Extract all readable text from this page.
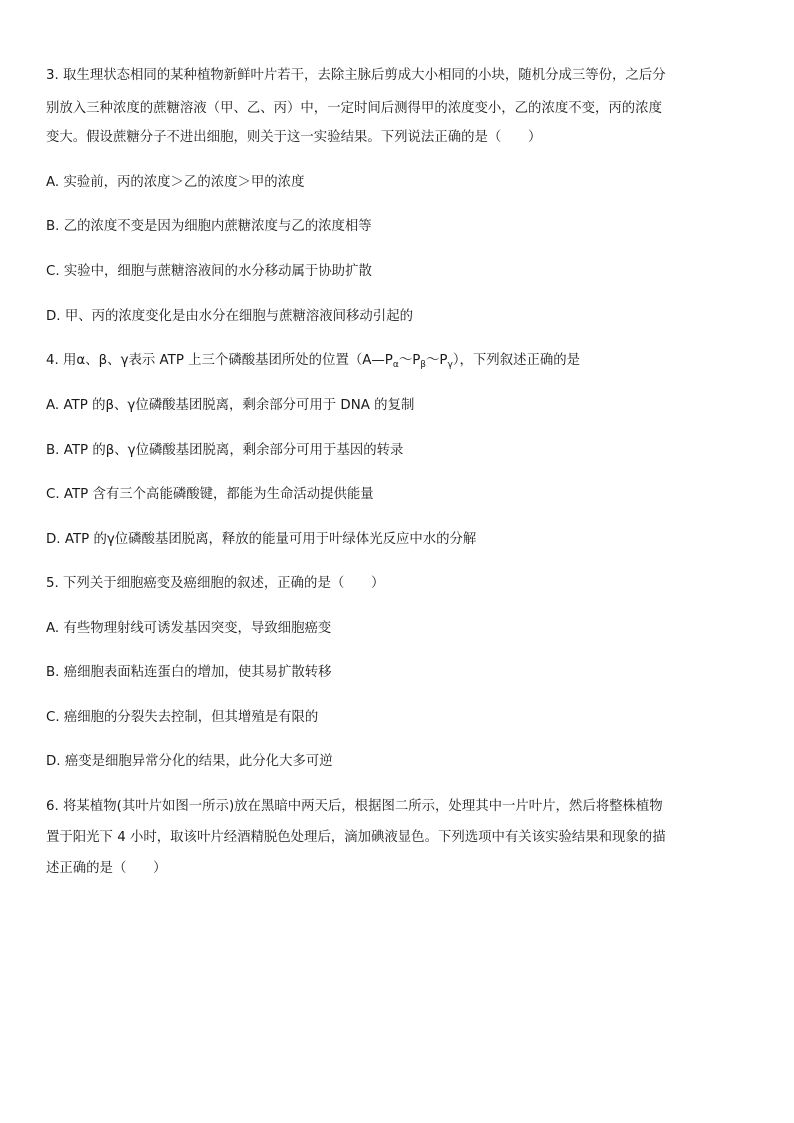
3. 取生理状态相同的某种植物新鲜叶片若干，去除主脉后剪成大小相同的小块，随机分成三等份，之后分
别放入三种浓度的蔗糖溶液（甲、乙、丙）中，一定时间后测得甲的浓度变小，乙的浓度不变，丙的浓度
变大。假设蔗糖分子不进出细胞，则关于这一实验结果。下列说法正确的是（　　）
A. 实验前，丙的浓度＞乙的浓度＞甲的浓度
B. 乙的浓度不变是因为细胞内蔗糖浓度与乙的浓度相等
C. 实验中，细胞与蔗糖溶液间的水分移动属于协助扩散
D. 甲、丙的浓度变化是由水分在细胞与蔗糖溶液间移动引起的
4. 用α、β、γ表示 ATP 上三个磷酸基团所处的位置$(A—P_\alpha\sim P_\beta\sim P_\gamma)$，下列叙述正确的是
A. ATP 的β、γ位磷酸基团脱离，剩余部分可用于 DNA 的复制
B. ATP 的β、γ位磷酸基团脱离，剩余部分可用于基因的转录
C. ATP 含有三个高能磷酸键，都能为生命活动提供能量
D. ATP 的γ位磷酸基团脱离，释放的能量可用于叶绿体光反应中水的分解
5. 下列关于细胞癌变及癌细胞的叙述，正确的是（　　）
A. 有些物理射线可诱发基因突变，导致细胞癌变
B. 癌细胞表面粘连蛋白的增加，使其易扩散转移
C. 癌细胞的分裂失去控制，但其增殖是有限的
D. 癌变是细胞异常分化的结果，此分化大多可逆
6. 将某植物(其叶片如图一所示)放在黑暗中两天后，根据图二所示，处理其中一片叶片，然后将整株植物
置于阳光下 4 小时，取该叶片经酒精脱色处理后，滴加碘液显色。下列选项中有关该实验结果和现象的描
述正确的是（　　）
